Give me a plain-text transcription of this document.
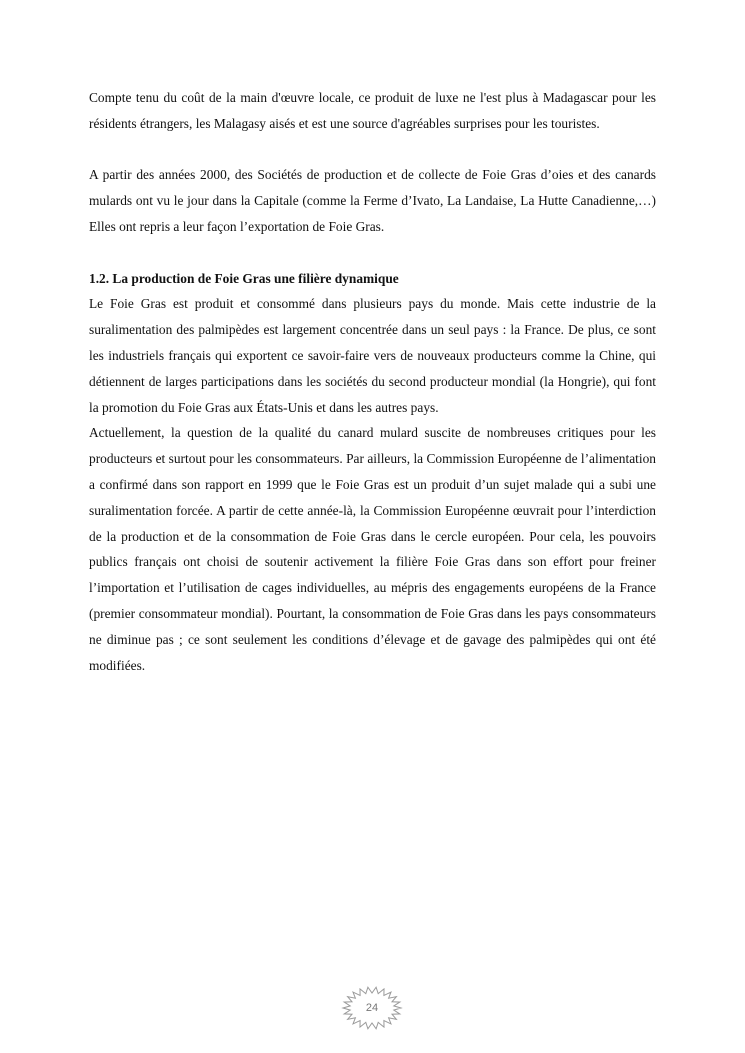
Compte tenu du coût de la main d'œuvre locale, ce produit de luxe ne l'est plus à Madagascar pour les résidents étrangers, les Malagasy aisés et est une source d'agréables surprises pour les touristes.

A partir des années 2000, des Sociétés de production et de collecte de Foie Gras d’oies et des canards mulards ont vu le jour dans la Capitale (comme la Ferme d’Ivato, La Landaise, La Hutte Canadienne,…) Elles ont repris a leur façon l’exportation de Foie Gras.

1.2. La production de Foie Gras une filière dynamique

Le Foie Gras est produit et consommé dans plusieurs pays du monde. Mais cette industrie de la suralimentation des palmipèdes est largement concentrée dans un seul pays : la France. De plus, ce sont les industriels français qui exportent ce savoir-faire vers de nouveaux producteurs comme la Chine, qui détiennent de larges participations dans les sociétés du second producteur mondial (la Hongrie), qui font la promotion du Foie Gras aux États-Unis et dans les autres pays.

Actuellement, la question de la qualité du canard mulard suscite de nombreuses critiques pour les producteurs et surtout pour les consommateurs. Par ailleurs, la Commission Européenne de l’alimentation a confirmé dans son rapport en 1999 que le Foie Gras est un produit d’un sujet malade qui a subi une suralimentation forcée. A partir de cette année-là, la Commission Européenne œuvrait pour l’interdiction de la production et de la consommation de Foie Gras dans le cercle européen. Pour cela, les pouvoirs publics français ont choisi de soutenir activement la filière Foie Gras dans son effort pour freiner l’importation et l’utilisation de cages individuelles, au mépris des engagements européens de la France (premier consommateur mondial). Pourtant, la consommation de Foie Gras dans les pays consommateurs ne diminue pas ; ce sont seulement les conditions d’élevage et de gavage des palmipèdes qui ont été modifiées.

24
